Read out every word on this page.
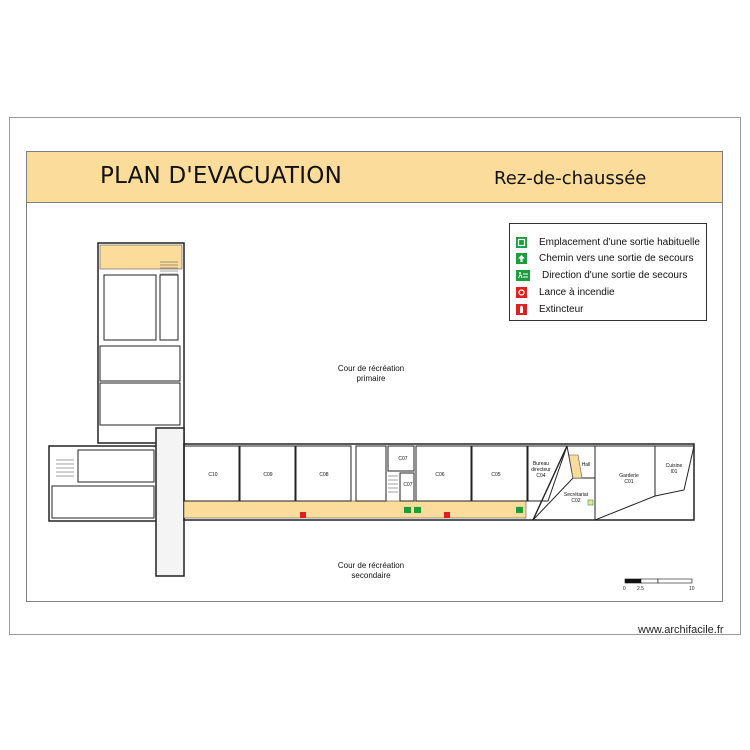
PLAN D'EVACUATION	Rez-de-chaussée
Emplacement d'une sortie habituelle
Chemin vers une sortie de secours
Direction d'une sortie de secours
Lance à incendie
Extincteur
Cour de récréation
primaire
Cour de récréation
secondaire
C10	C09	C08
C07
C07
C06	C05
Bureau
directeur
C04
Hall
Secrétariat
C02
Garderie
C01
Cuisine
I01
0 2.5	10
www.archifacile.fr
